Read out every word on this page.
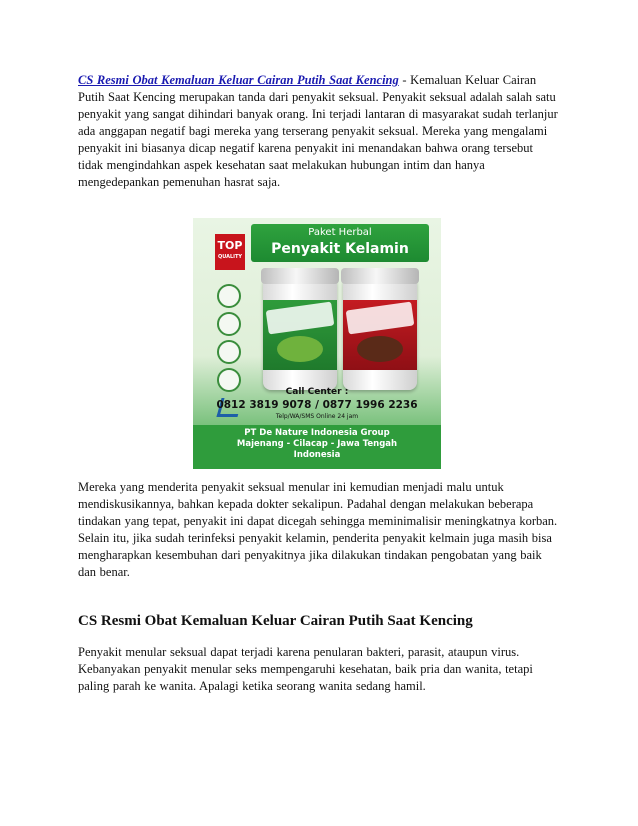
CS Resmi Obat Kemaluan Keluar Cairan Putih Saat Kencing - Kemaluan Keluar Cairan Putih Saat Kencing merupakan tanda dari penyakit seksual. Penyakit seksual adalah salah satu penyakit yang sangat dihindari banyak orang. Ini terjadi lantaran di masyarakat sudah terlanjur ada anggapan negatif bagi mereka yang terserang penyakit seksual. Mereka yang mengalami penyakit ini biasanya dicap negatif karena penyakit ini menandakan bahwa orang tersebut tidak mengindahkan aspek kesehatan saat melakukan hubungan intim dan hanya mengedepankan pemenuhan hasrat saja.

Paket Herbal
Penyakit Kelamin
TOP
QUALITY
Call Center :
0812 3819 9078 / 0877 1996 2236
Telp/WA/SMS Online 24 jam
PT De Nature Indonesia Group
Majenang - Cilacap - Jawa Tengah
Indonesia

Mereka yang menderita penyakit seksual menular ini kemudian menjadi malu untuk mendiskusikannya, bahkan kepada dokter sekalipun. Padahal dengan melakukan beberapa tindakan yang tepat, penyakit ini dapat dicegah sehingga meminimalisir meningkatnya korban. Selain itu, jika sudah terinfeksi penyakit kelamin, penderita penyakit kelmain juga masih bisa mengharapkan kesembuhan dari penyakitnya jika dilakukan tindakan pengobatan yang baik dan benar.

CS Resmi Obat Kemaluan Keluar Cairan Putih Saat Kencing

Penyakit menular seksual dapat terjadi karena penularan bakteri, parasit, ataupun virus. Kebanyakan penyakit menular seks mempengaruhi kesehatan, baik pria dan wanita, tetapi paling parah ke wanita. Apalagi ketika seorang wanita sedang hamil.
